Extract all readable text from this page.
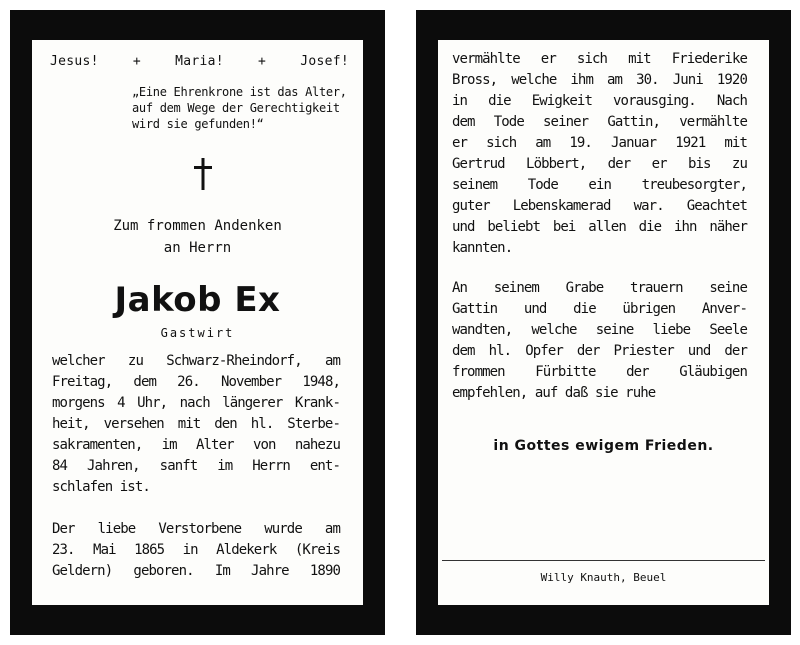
Jesus!	+	Maria!	+	Josef!
„Eine Ehrenkrone ist das Alter,
auf dem Wege der Gerechtigkeit
wird sie gefunden!“
Zum frommen Andenken
an Herrn
Jakob Ex
Gastwirt
welcher zu Schwarz-Rheindorf, am
Freitag, dem 26. November 1948,
morgens 4 Uhr, nach längerer Krank-
heit, versehen mit den hl. Sterbe-
sakramenten, im Alter von nahezu
84 Jahren, sanft im Herrn ent-
schlafen ist.
Der liebe Verstorbene wurde am
23. Mai 1865 in Aldekerk (Kreis
Geldern) geboren. Im Jahre 1890
vermählte er sich mit Friederike
Bross, welche ihm am 30. Juni 1920
in die Ewigkeit vorausging. Nach
dem Tode seiner Gattin, vermählte
er sich am 19. Januar 1921 mit
Gertrud Löbbert, der er bis zu
seinem Tode ein treubesorgter,
guter Lebenskamerad war. Geachtet
und beliebt bei allen die ihn näher
kannten.
An seinem Grabe trauern seine
Gattin und die übrigen Anver-
wandten, welche seine liebe Seele
dem hl. Opfer der Priester und der
frommen Fürbitte der Gläubigen
empfehlen, auf daß sie ruhe
in Gottes ewigem Frieden.
Willy Knauth, Beuel
